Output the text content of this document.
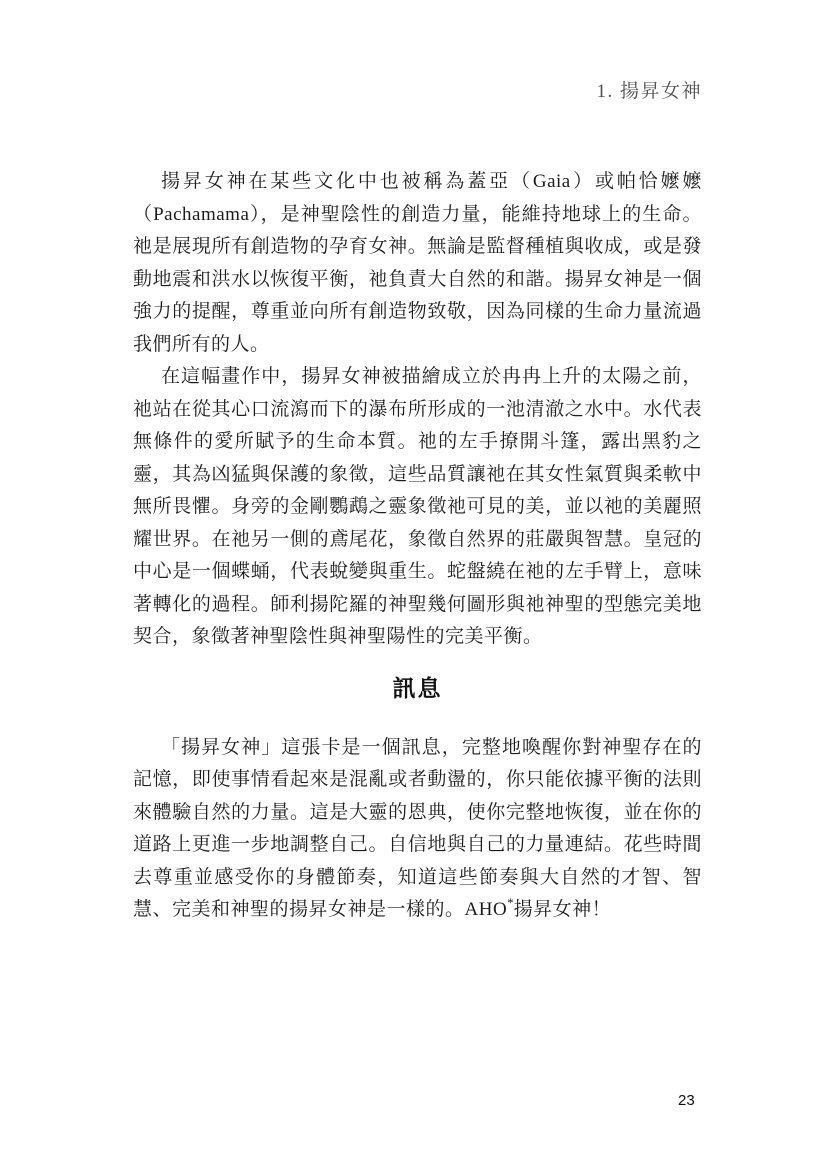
1. 揚昇女神
揚昇女神在某些文化中也被稱為蓋亞（Gaia）或帕恰嬤嬤
（Pachamama），是神聖陰性的創造力量，能維持地球上的生命。
祂是展現所有創造物的孕育女神。無論是監督種植與收成，或是發
動地震和洪水以恢復平衡，祂負責大自然的和諧。揚昇女神是一個
強力的提醒，尊重並向所有創造物致敬，因為同樣的生命力量流過
我們所有的人。
在這幅畫作中，揚昇女神被描繪成立於冉冉上升的太陽之前，
祂站在從其心口流瀉而下的瀑布所形成的一池清澈之水中。水代表
無條件的愛所賦予的生命本質。祂的左手撩開斗篷，露出黑豹之
靈，其為凶猛與保護的象徵，這些品質讓祂在其女性氣質與柔軟中
無所畏懼。身旁的金剛鸚鵡之靈象徵祂可見的美，並以祂的美麗照
耀世界。在祂另一側的鳶尾花，象徵自然界的莊嚴與智慧。皇冠的
中心是一個蝶蛹，代表蛻變與重生。蛇盤繞在祂的左手臂上，意味
著轉化的過程。師利揚陀羅的神聖幾何圖形與祂神聖的型態完美地
契合，象徵著神聖陰性與神聖陽性的完美平衡。
訊息
「揚昇女神」這張卡是一個訊息，完整地喚醒你對神聖存在的
記憶，即使事情看起來是混亂或者動盪的，你只能依據平衡的法則
來體驗自然的力量。這是大靈的恩典，使你完整地恢復，並在你的
道路上更進一步地調整自己。自信地與自己的力量連結。花些時間
去尊重並感受你的身體節奏，知道這些節奏與大自然的才智、智
慧、完美和神聖的揚昇女神是一樣的。AHO*揚昇女神！
23
